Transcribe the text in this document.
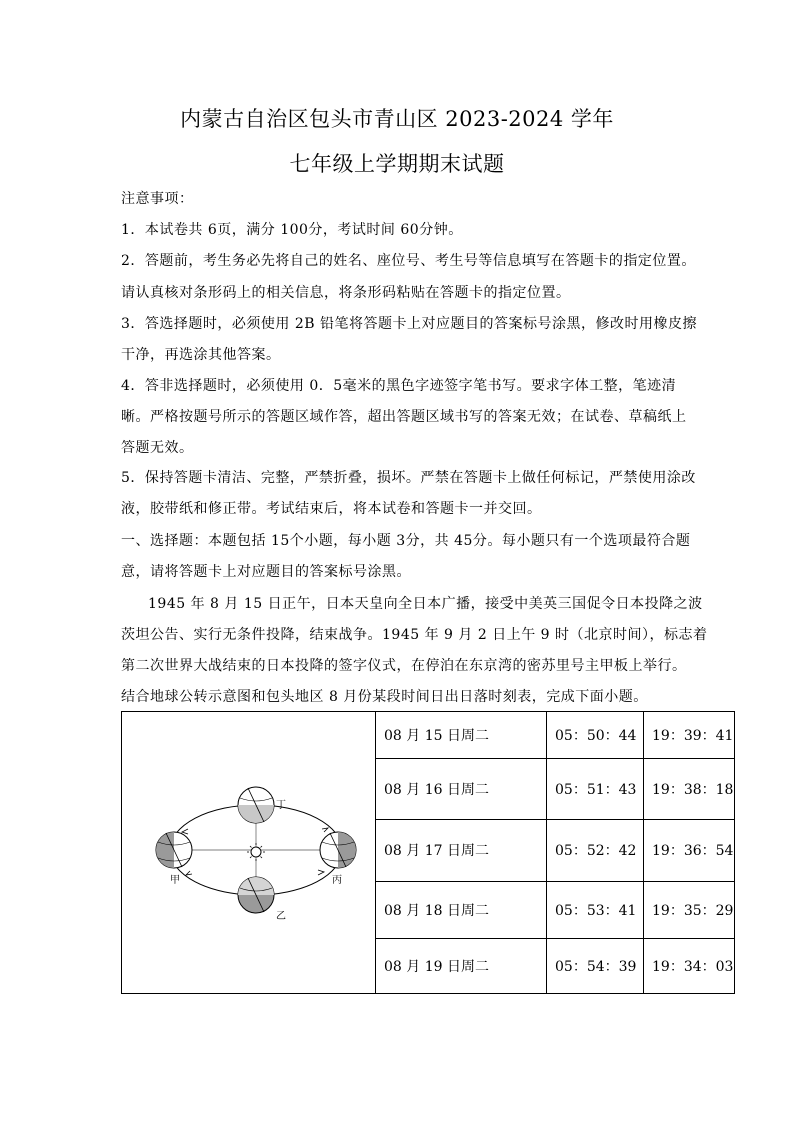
内蒙古自治区包头市青山区 2023-2024 学年
七年级上学期期末试题
注意事项：
1．本试卷共 6页，满分 100分，考试时间 60分钟。
2．答题前，考生务必先将自己的姓名、座位号、考生号等信息填写在答题卡的指定位置。
请认真核对条形码上的相关信息，将条形码粘贴在答题卡的指定位置。
3．答选择题时，必须使用 2B 铅笔将答题卡上对应题目的答案标号涂黑，修改时用橡皮擦
干净，再选涂其他答案。
4．答非选择题时，必须使用 0．5毫米的黑色字迹签字笔书写。要求字体工整，笔迹清
晰。严格按题号所示的答题区域作答，超出答题区域书写的答案无效；在试卷、草稿纸上
答题无效。
5．保持答题卡清洁、完整，严禁折叠，损坏。严禁在答题卡上做任何标记，严禁使用涂改
液，胶带纸和修正带。考试结束后，将本试卷和答题卡一并交回。
一、选择题：本题包括 15个小题，每小题 3分，共 45分。每小题只有一个选项最符合题
意，请将答题卡上对应题目的答案标号涂黑。
1945 年 8 月 15 日正午，日本天皇向全日本广播，接受中美英三国促令日本投降之波
茨坦公告、实行无条件投降，结束战争。1945 年 9 月 2 日上午 9 时（北京时间），标志着
第二次世界大战结束的日本投降的签字仪式，在停泊在东京湾的密苏里号主甲板上举行。
结合地球公转示意图和包头地区 8 月份某段时间日出日落时刻表，完成下面小题。
甲
乙
丙
丁	08 月 15 日周二	05：50：44	19：39：41
	08 月 16 日周二	05：51：43	19：38：18
	08 月 17 日周二	05：52：42	19：36：54
	08 月 18 日周二	05：53：41	19：35：29
	08 月 19 日周二	05：54：39	19：34：03
